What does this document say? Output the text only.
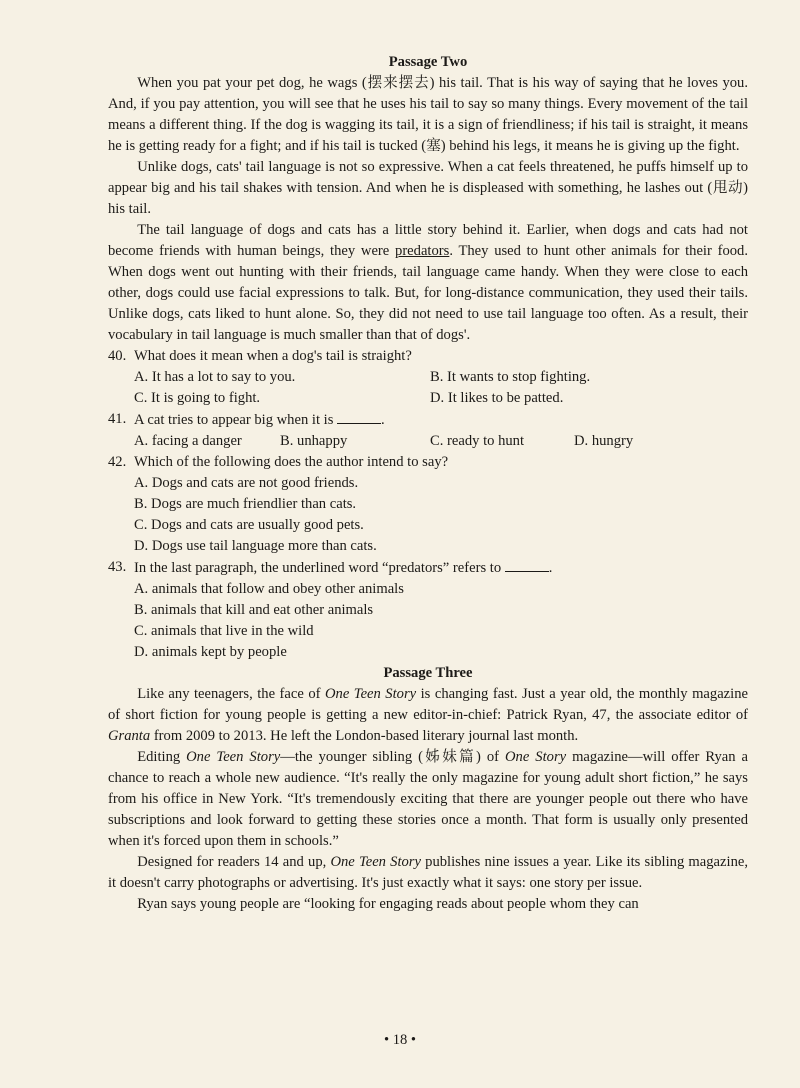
Passage Two

When you pat your pet dog, he wags (摆来摆去) his tail. That is his way of saying that he loves you. And, if you pay attention, you will see that he uses his tail to say so many things. Every movement of the tail means a different thing. If the dog is wagging its tail, it is a sign of friendliness; if his tail is straight, it means he is getting ready for a fight; and if his tail is tucked (塞) behind his legs, it means he is giving up the fight.

Unlike dogs, cats' tail language is not so expressive. When a cat feels threatened, he puffs himself up to appear big and his tail shakes with tension. And when he is displeased with something, he lashes out (甩动) his tail.

The tail language of dogs and cats has a little story behind it. Earlier, when dogs and cats had not become friends with human beings, they were predators. They used to hunt other animals for their food. When dogs went out hunting with their friends, tail language came handy. When they were close to each other, dogs could use facial expressions to talk. But, for long-distance communication, they used their tails. Unlike dogs, cats liked to hunt alone. So, they did not need to use tail language too often. As a result, their vocabulary in tail language is much smaller than that of dogs'.

40. What does it mean when a dog's tail is straight?
A. It has a lot to say to you.	B. It wants to stop fighting.
C. It is going to fight.	D. It likes to be patted.
41. A cat tries to appear big when it is	.
A. facing a danger	B. unhappy	C. ready to hunt	D. hungry
42. Which of the following does the author intend to say?
A. Dogs and cats are not good friends.
B. Dogs are much friendlier than cats.
C. Dogs and cats are usually good pets.
D. Dogs use tail language more than cats.
43. In the last paragraph, the underlined word “predators” refers to	.
A. animals that follow and obey other animals
B. animals that kill and eat other animals
C. animals that live in the wild
D. animals kept by people
Passage Three

Like any teenagers, the face of One Teen Story is changing fast. Just a year old, the monthly magazine of short fiction for young people is getting a new editor-in-chief: Patrick Ryan, 47, the associate editor of Granta from 2009 to 2013. He left the London-based literary journal last month.

Editing One Teen Story—the younger sibling (姊妹篇) of One Story magazine—will offer Ryan a chance to reach a whole new audience. “It's really the only magazine for young adult short fiction,” he says from his office in New York. “It's tremendously exciting that there are younger people out there who have subscriptions and look forward to getting these stories once a month. That form is usually only presented when it's forced upon them in schools.”

Designed for readers 14 and up, One Teen Story publishes nine issues a year. Like its sibling magazine, it doesn't carry photographs or advertising. It's just exactly what it says: one story per issue.

Ryan says young people are “looking for engaging reads about people whom they can

• 18 •
